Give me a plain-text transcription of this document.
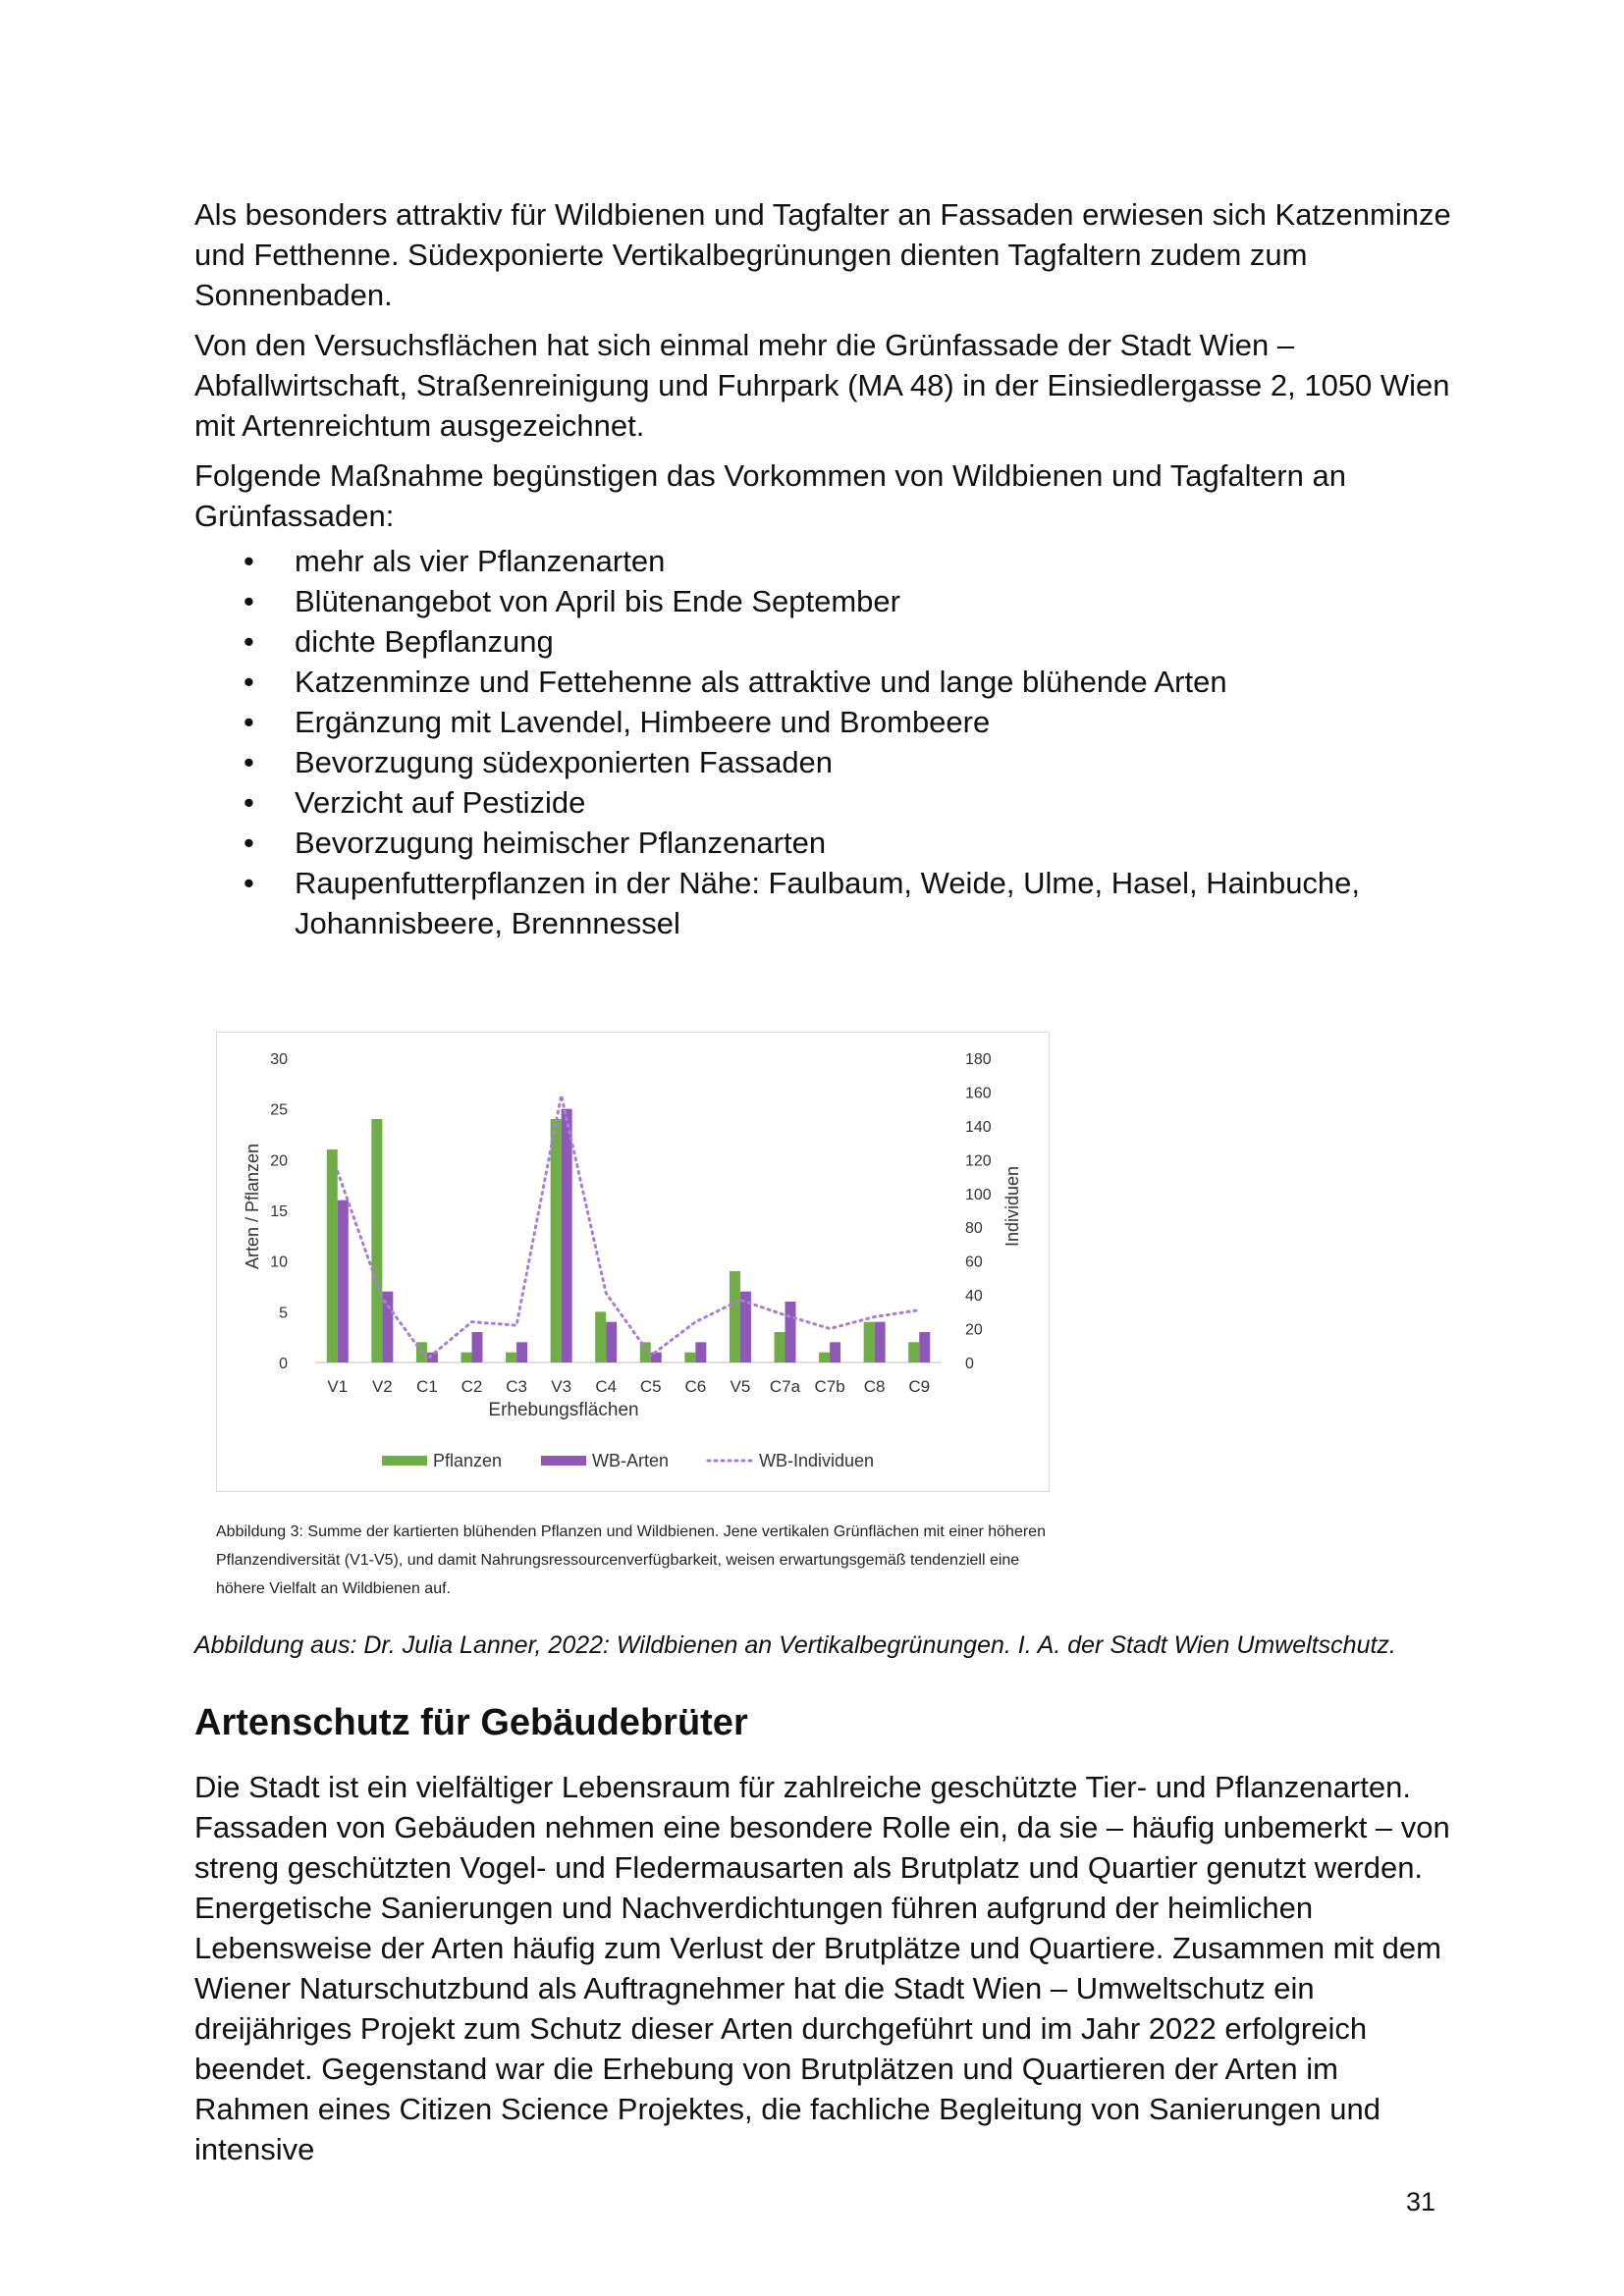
Als besonders attraktiv für Wildbienen und Tagfalter an Fassaden erwiesen sich Katzenminze und Fetthenne. Südexponierte Vertikalbegrünungen dienten Tagfaltern zudem zum Sonnenbaden.

Von den Versuchsflächen hat sich einmal mehr die Grünfassade der Stadt Wien – Abfallwirtschaft, Straßenreinigung und Fuhrpark (MA 48) in der Einsiedlergasse 2, 1050 Wien mit Artenreichtum ausgezeichnet.

Folgende Maßnahme begünstigen das Vorkommen von Wildbienen und Tagfaltern an Grünfassaden:

• mehr als vier Pflanzenarten
• Blütenangebot von April bis Ende September
• dichte Bepflanzung
• Katzenminze und Fettehenne als attraktive und lange blühende Arten
• Ergänzung mit Lavendel, Himbeere und Brombeere
• Bevorzugung südexponierten Fassaden
• Verzicht auf Pestizide
• Bevorzugung heimischer Pflanzenarten
• Raupenfutterpflanzen in der Nähe: Faulbaum, Weide, Ulme, Hasel, Hainbuche, Johannisbeere, Brennnessel
0
5
10
15
20
25
30
0
20
40
60
80
100
120
140
160
180
V1 V2 C1 C2 C3 V3 C4 C5 C6 V5 C7a C7b C8 C9
Arten / Pflanzen	Individuen
Erhebungsflächen
Pflanzen	WB-Arten	WB-Individuen
Abbildung 3: Summe der kartierten blühenden Pflanzen und Wildbienen. Jene vertikalen Grünflächen mit einer höheren Pflanzendiversität (V1-V5), und damit Nahrungsressourcenverfügbarkeit, weisen erwartungsgemäß tendenziell eine höhere Vielfalt an Wildbienen auf.
Abbildung aus: Dr. Julia Lanner, 2022: Wildbienen an Vertikalbegrünungen. I. A. der Stadt Wien Umweltschutz.
Artenschutz für Gebäudebrüter
Die Stadt ist ein vielfältiger Lebensraum für zahlreiche geschützte Tier- und Pflanzenarten. Fassaden von Gebäuden nehmen eine besondere Rolle ein, da sie – häufig unbemerkt – von streng geschützten Vogel- und Fledermausarten als Brutplatz und Quartier genutzt werden. Energetische Sanierungen und Nachverdichtungen führen aufgrund der heimlichen Lebensweise der Arten häufig zum Verlust der Brutplätze und Quartiere. Zusammen mit dem Wiener Naturschutzbund als Auftragnehmer hat die Stadt Wien – Umweltschutz ein dreijähriges Projekt zum Schutz dieser Arten durchgeführt und im Jahr 2022 erfolgreich beendet. Gegenstand war die Erhebung von Brutplätzen und Quartieren der Arten im Rahmen eines Citizen Science Projektes, die fachliche Begleitung von Sanierungen und intensive
31
